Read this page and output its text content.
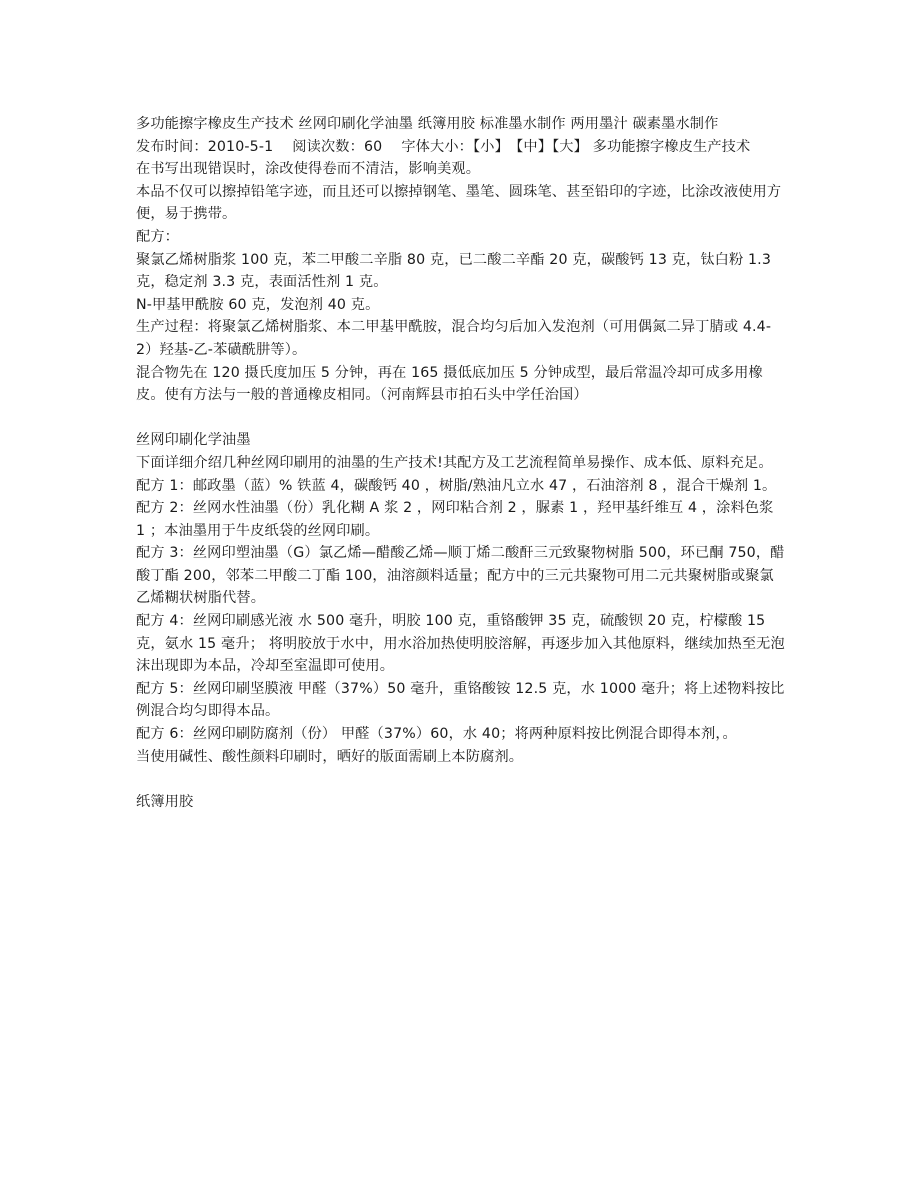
多功能擦字橡皮生产技术 丝网印刷化学油墨 纸簿用胶 标准墨水制作 两用墨汁 碳素墨水制作

发布时间：2010-5-1　 阅读次数：60　 字体大小：【小】　【中】【大】 多功能擦字橡皮生产技术

在书写出现错误时，涂改使得卷而不清洁，影响美观。

本品不仅可以擦掉铅笔字迹，而且还可以擦掉钢笔、墨笔、圆珠笔、甚至铅印的字迹，比涂改液使用方便，易于携带。

配方：

聚氯乙烯树脂浆 100 克，苯二甲酸二辛脂 80 克，已二酸二辛酯 20 克，碳酸钙 13 克，钛白粉 1.3 克，稳定剂 3.3 克，表面活性剂 1 克。

N-甲基甲酰胺 60 克，发泡剂 40 克。

生产过程：将聚氯乙烯树脂浆、本二甲基甲酰胺，混合均匀后加入发泡剂（可用偶氮二异丁腈或 4.4-2）羟基-乙-苯磺酰肼等）。

混合物先在 120 摄氏度加压 5 分钟，再在 165 摄低底加压 5 分钟成型，最后常温冷却可成多用橡皮。使有方法与一般的普通橡皮相同。（河南辉县市拍石头中学任治国）

丝网印刷化学油墨

下面详细介绍几种丝网印刷用的油墨的生产技术!其配方及工艺流程简单易操作、成本低、原料充足。

配方 1：邮政墨（蓝）% 铁蓝 4，碳酸钙 40 ，树脂/熟油凡立水 47 ，石油溶剂 8 ，混合干燥剂 1。

配方 2：丝网水性油墨（份）乳化糊 A 浆 2 ，网印粘合剂 2 ，脲素 1 ，羟甲基纤维互 4 ，涂料色浆 1 ；本油墨用于牛皮纸袋的丝网印刷。

配方 3：丝网印塑油墨（G）氯乙烯—醋酸乙烯—顺丁烯二酸酐三元致聚物树脂 500，环已酮 750，醋酸丁酯 200，邻苯二甲酸二丁酯 100，油溶颜料适量；配方中的三元共聚物可用二元共聚树脂或聚氯乙烯糊状树脂代替。

配方 4：丝网印刷感光液 水 500 毫升，明胶 100 克，重铬酸钾 35 克，硫酸钡 20 克，柠檬酸 15 克，氨水 15 毫升； 将明胶放于水中，用水浴加热使明胶溶解，再逐步加入其他原料，继续加热至无泡沫出现即为本品，冷却至室温即可使用。

配方 5：丝网印刷坚膜液 甲醛（37%）50 毫升，重铬酸铵 12.5 克，水 1000 毫升；将上述物料按比例混合均匀即得本品。

配方 6：丝网印刷防腐剂（份） 甲醛（37%）60，水 40；将两种原料按比例混合即得本剂，。

当使用碱性、酸性颜料印刷时，晒好的版面需刷上本防腐剂。

纸簿用胶
